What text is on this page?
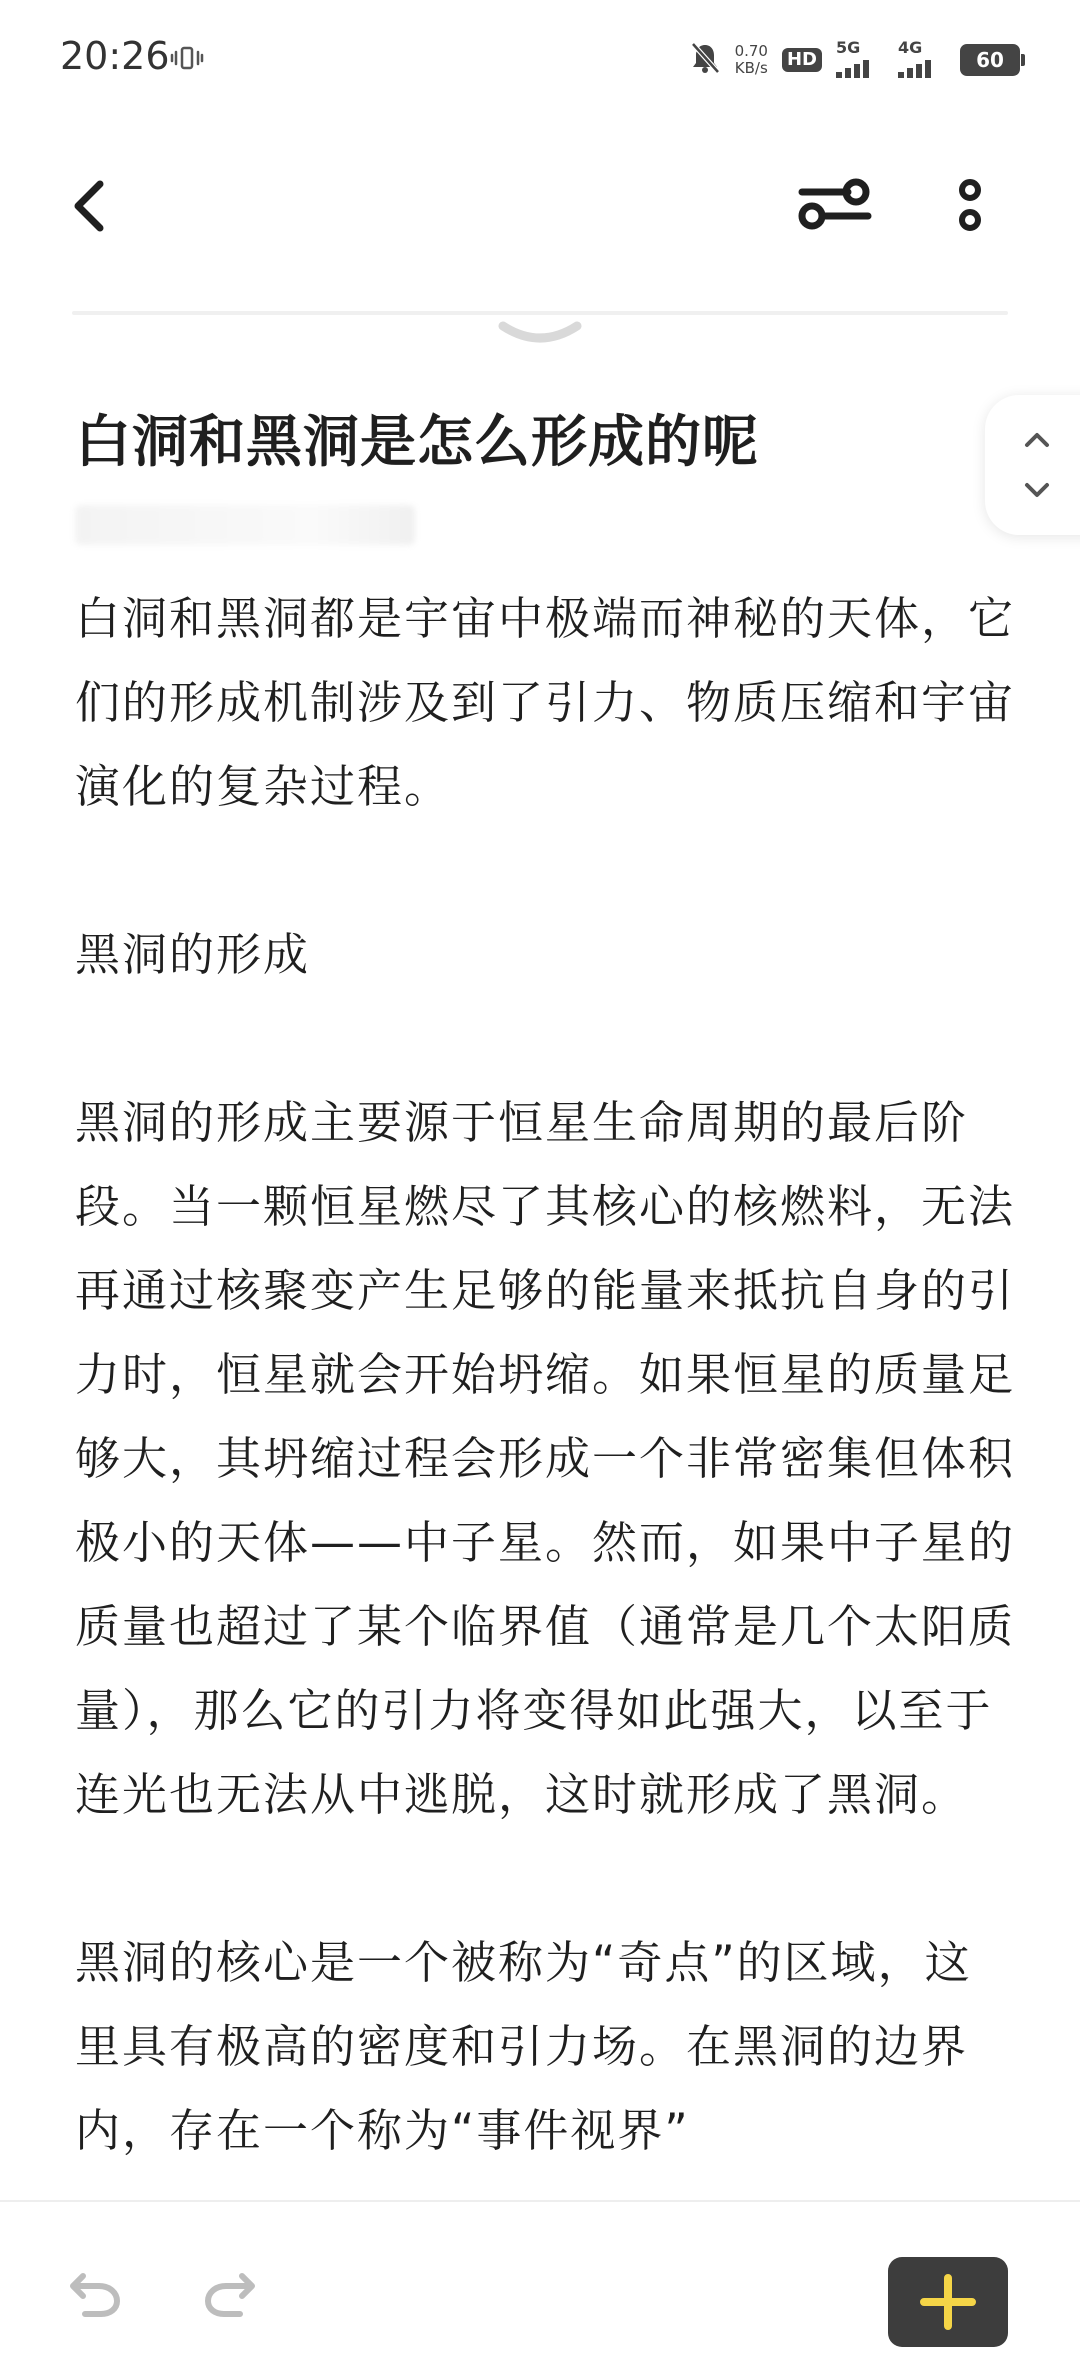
20:26	0.70
KB/s HD
5G 4G
60
白洞和黑洞是怎么形成的呢

白洞和黑洞都是宇宙中极端而神秘的天体，它们的形成机制涉及到了引力、物质压缩和宇宙演化的复杂过程。

黑洞的形成

黑洞的形成主要源于恒星生命周期的最后阶段。当一颗恒星燃尽了其核心的核燃料，无法再通过核聚变产生足够的能量来抵抗自身的引力时，恒星就会开始坍缩。如果恒星的质量足够大，其坍缩过程会形成一个非常密集但体积极小的天体——中子星。然而，如果中子星的质量也超过了某个临界值（通常是几个太阳质量），那么它的引力将变得如此强大，以至于连光也无法从中逃脱，这时就形成了黑洞。

黑洞的核心是一个被称为“奇点”的区域，这里具有极高的密度和引力场。在黑洞的边界内，存在一个称为“事件视界”
